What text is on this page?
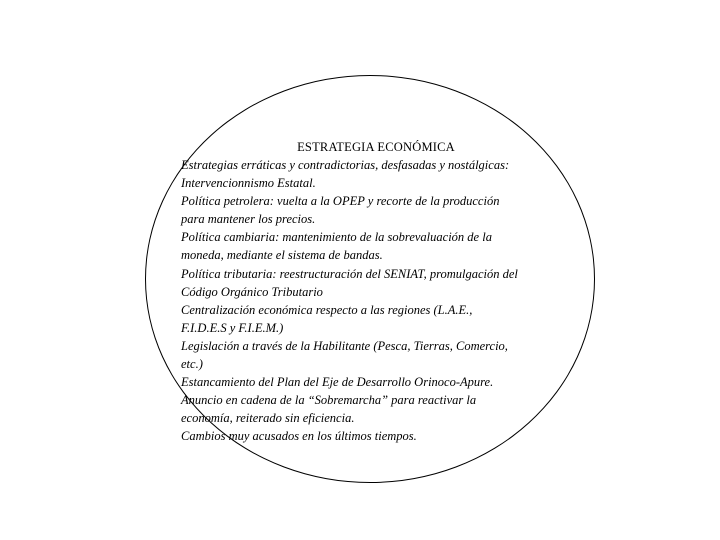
ESTRATEGIA ECONÓMICA
Estrategias erráticas y contradictorias, desfasadas y nostálgicas:
Intervencionnismo Estatal.
Política petrolera: vuelta a la OPEP y recorte de la producción
para mantener los precios.
Política cambiaria: mantenimiento de la sobrevaluación de la
moneda, mediante el sistema de bandas.
Política tributaria: reestructuración del SENIAT, promulgación del
Código Orgánico Tributario
Centralización económica respecto a las regiones (L.A.E.,
F.I.D.E.S y F.I.E.M.)
Legislación a través de la Habilitante (Pesca, Tierras, Comercio,
etc.)
Estancamiento del Plan del Eje de Desarrollo Orinoco-Apure.
Anuncio en cadena de la “Sobremarcha” para reactivar la
economía, reiterado sin eficiencia.
Cambios muy acusados en los últimos tiempos.
